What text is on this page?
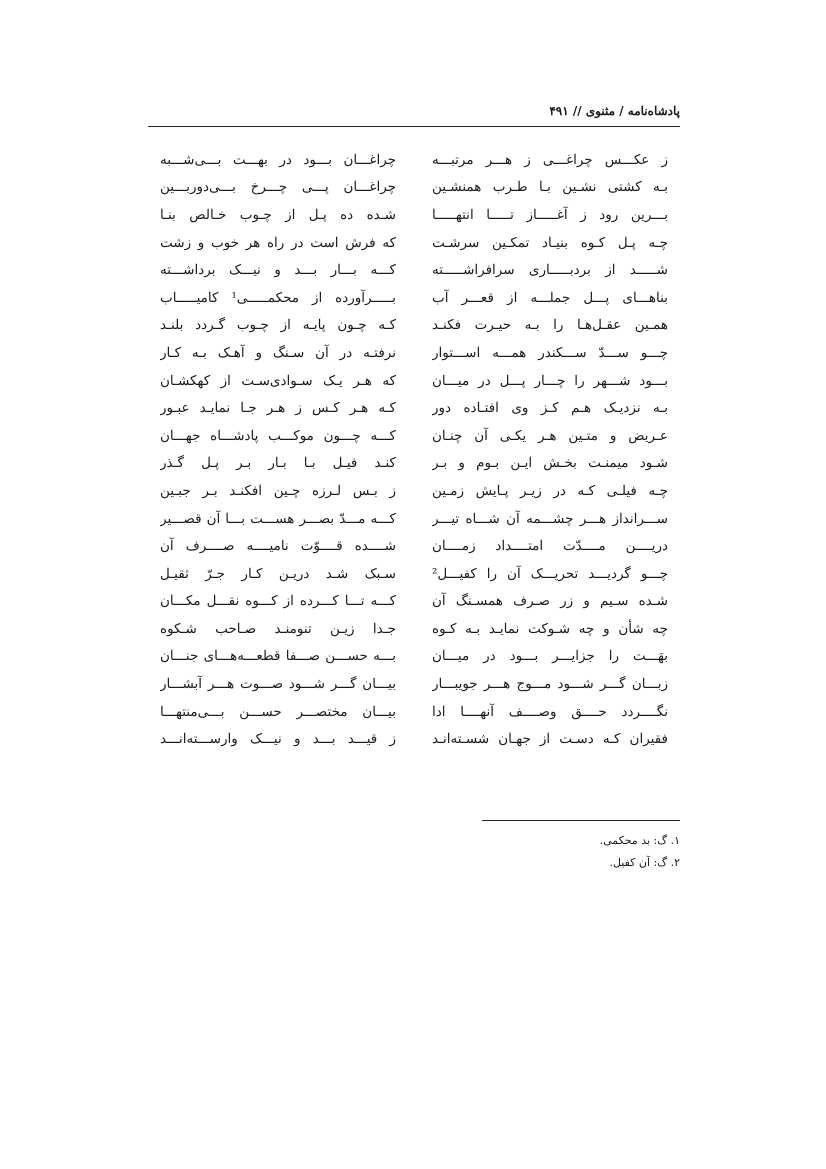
پادشاه‌نامه / مثنوی // ۴۹۱
ز عکـــس چراغـــی ز هـــر مرتبـــه
چراغـــان بـــود در بهـــت بـــی‌شـــبه
بـه کشتی نشـین بـا طـرب همنشـین
چراغـــان پـــی چـــرخ بـــی‌دوربـــین
بـــرین رود ز آغـــــاز تـــــا انتهـــــا
شـده ده پـل از چـوب خـالص بنـا
چـه پـل کـوه بنیـاد تمکـین سرشـت
که فرش است در راه هر خوب و زشت
شـــــد از بردبـــــاری سرافراشـــــته
کـــه بـــار بـــد و نیـــک برداشـــته
بناهـــای پـــل جملـــه از قعـــر آب
بـــــرآورده از محکمـــــی¹ کامیـــــاب
همـین عقـل‌هـا را بـه حیـرت فکنـد
کـه چـون پایـه از چـوب گـردد بلنـد
چـــو ســـدّ ســـکندر همـــه اســـتوار
نرفتـه در آن سـنگ و آهـک بـه کـار
بـــود شـــهر را چـــار پـــل در میـــان
که هـر یـک سـوادی‌سـت از کهکشـان
بـه نزدیـک هـم کـز وی افتـاده دور
کـه هـر کـس ز هـر جـا نمایـد عبـور
عـریض و متـین هـر یکـی آن چنـان
کـــه چـــون موکـــب پادشـــاه جهـــان
شـود میمنـت بخـش ایـن بـوم و بـر
کنـد فیـل بـا بـار بـر پـل گـذر
چـه فیلـی کـه در زیـر پـایش زمـین
ز بـس لـرزه چـین افکنـد بـر جبـین
ســـرانداز هـــر چشـــمه آن شـــاه تیـــر
کـــه مـــدّ بصـــر هســـت بـــا آن قصـــیر
دریــــن مــــدّت امتــــداد زمــــان
شــــده قــــوّت نامیــــه صــــرف آن
چـــو گردیـــد تحریـــک آن را کفیـــل²
سـبک شـد دریـن کـار جـرّ ثقیـل
شـده سـیم و زر صـرف همسـنگ آن
کـــه تـــا کـــرده از کـــوه نقـــل مکـــان
چه شأن و چه شـوکت نمایـد بـه کـوه
جـدا زیـن تنومنـد صـاحب شـکوه
بهَـــت را جزایـــر بـــود در میـــان
بـــه حســـن صـــفا قطعـــه‌هـــای جنـــان
زبـــان گـــر شـــود مـــوج هـــر جویبـــار
بیـــان گـــر شـــود صـــوت هـــر آبشـــار
نگــــردد حــــق وصــــف آنهــــا ادا
بیـــان مختصـــر حســـن بـــی‌منتهـــا
فقیران کـه دسـت از جهـان شسـته‌انـد
ز قیـــد بـــد و نیـــک وارســـته‌انـــد
۱. گ: بد محکمی.
۲. گ: آن کفیل.
